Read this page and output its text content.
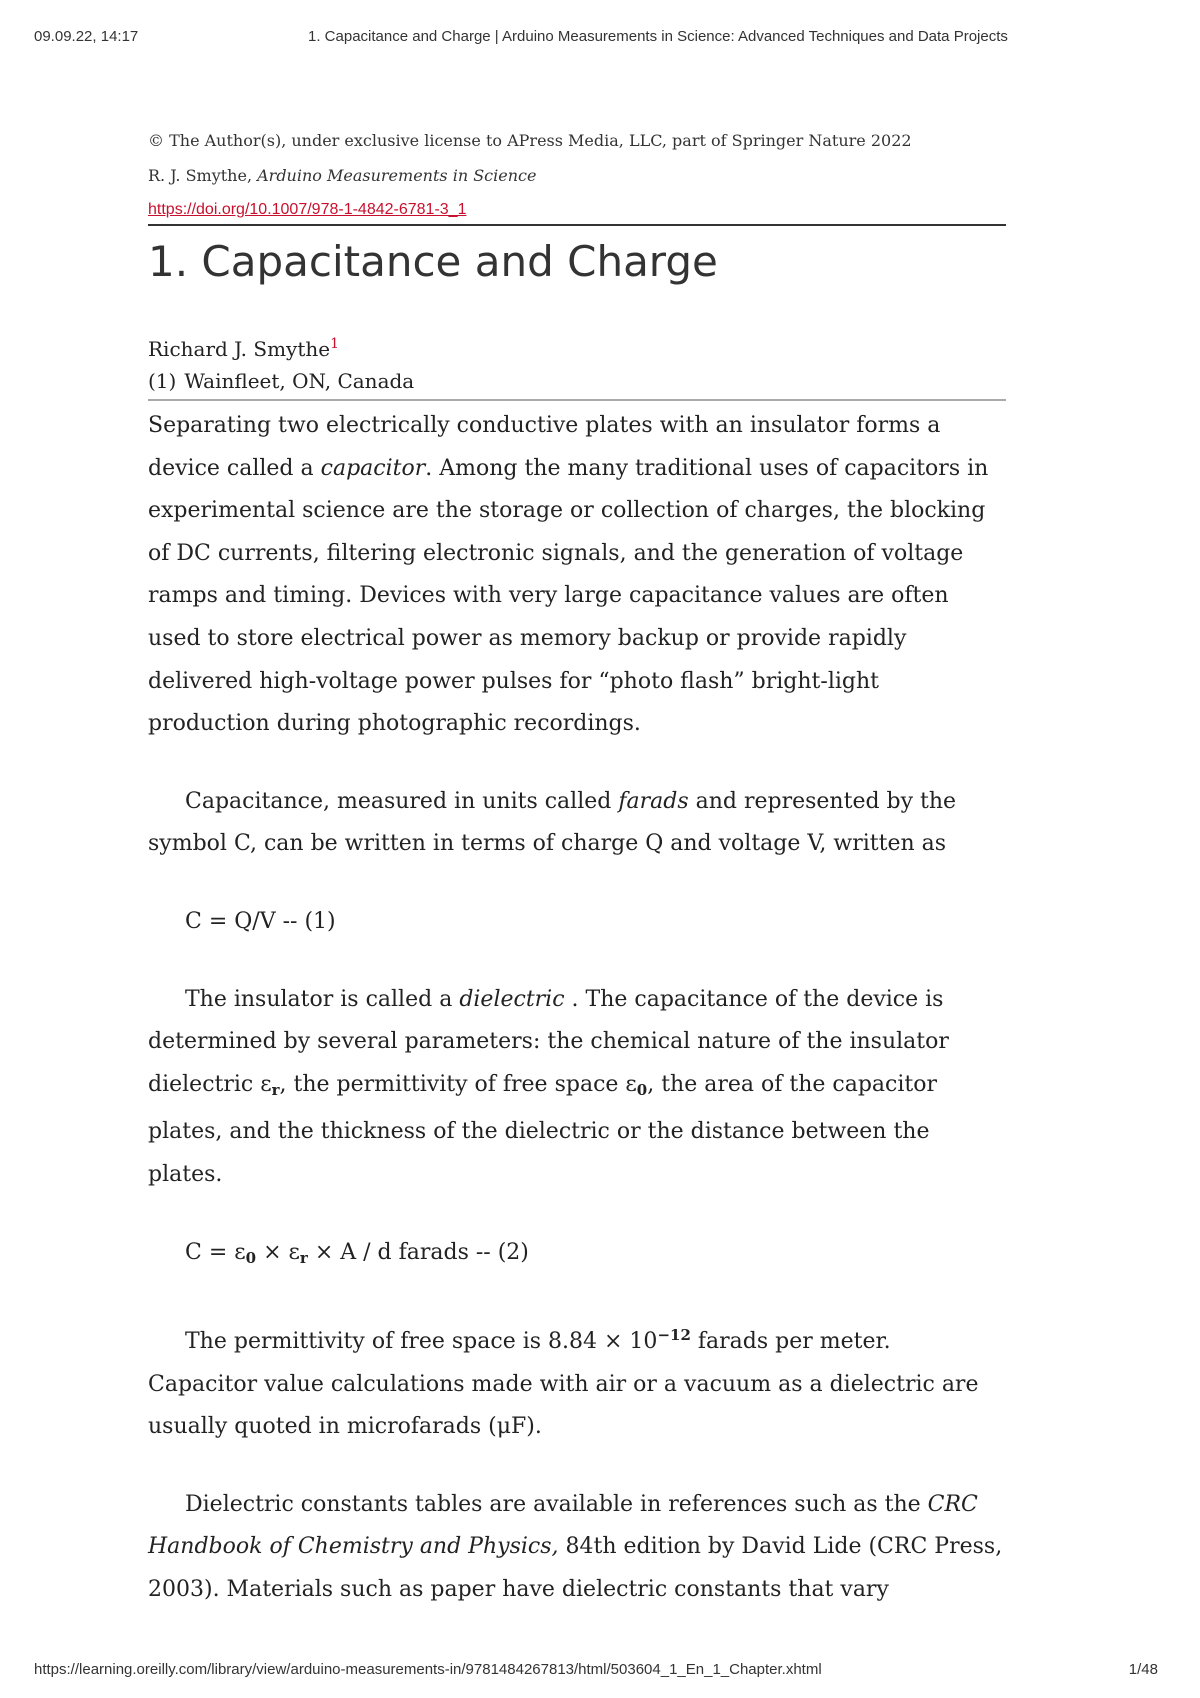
09.09.22, 14:17	1. Capacitance and Charge | Arduino Measurements in Science: Advanced Techniques and Data Projects
© The Author(s), under exclusive license to APress Media, LLC, part of Springer Nature 2022
R. J. Smythe, Arduino Measurements in Science
https://doi.org/10.1007/978-1-4842-6781-3_1
1. Capacitance and Charge
Richard J. Smythe$^1$
(1) Wainfleet, ON, Canada

Separating two electrically conductive plates with an insulator forms a device called a capacitor. Among the many traditional uses of capacitors in experimental science are the storage or collection of charges, the blocking of DC currents, filtering electronic signals, and the generation of voltage ramps and timing. Devices with very large capacitance values are often used to store electrical power as memory backup or provide rapidly delivered high-voltage power pulses for “photo flash” bright-light production during photographic recordings.

Capacitance, measured in units called farads and represented by the symbol C, can be written in terms of charge Q and voltage V, written as

C = Q/V -- (1)

The insulator is called a dielectric . The capacitance of the device is determined by several parameters: the chemical nature of the insulator dielectric $\varepsilon_r$, the permittivity of free space $\varepsilon_0$, the area of the capacitor plates, and the thickness of the dielectric or the distance between the plates.

$C = \varepsilon_0 \times \varepsilon_r \times A / d$ farads -- (2)

The permittivity of free space is $8.84 \times 10^{-12}$ farads per meter. Capacitor value calculations made with air or a vacuum as a dielectric are usually quoted in microfarads (μF).

Dielectric constants tables are available in references such as the CRC Handbook of Chemistry and Physics, 84th edition by David Lide (CRC Press, 2003). Materials such as paper have dielectric constants that vary

https://learning.oreilly.com/library/view/arduino-measurements-in/9781484267813/html/503604_1_En_1_Chapter.xhtml	1/48
